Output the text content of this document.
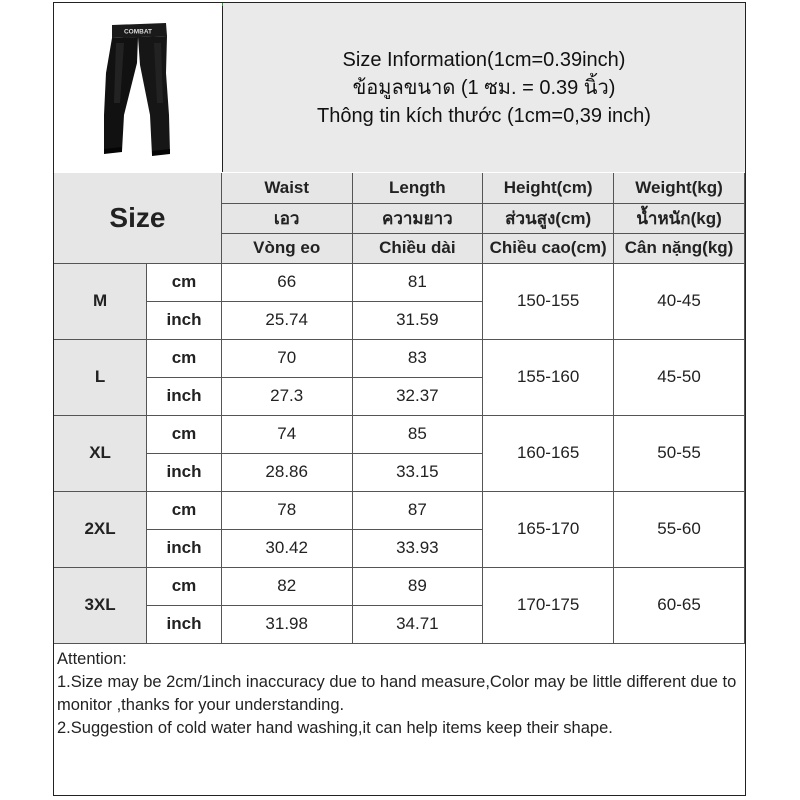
COMBAT
Size Information(1cm=0.39inch)
ข้อมูลขนาด (1 ซม. = 0.39 นิ้ว)
Thông tin kích thước (1cm=0,39 inch)
Size		Waist	Length	Height(cm)	Weight(kg)
		เอว	ความยาว	ส่วนสูง(cm)	น้ำหนัก(kg)
		Vòng eo	Chiều dài	Chiều cao(cm)	Cân nặng(kg)
M	cm	66	81	150-155	40-45
	inch	25.74	31.59		
L	cm	70	83	155-160	45-50
	inch	27.3	32.37		
XL	cm	74	85	160-165	50-55
	inch	28.86	33.15		
2XL	cm	78	87	165-170	55-60
	inch	30.42	33.93		
3XL	cm	82	89	170-175	60-65
	inch	31.98	34.71		

Attention:

1.Size may be 2cm/1inch inaccuracy due to hand measure,Color may be little different due to monitor ,thanks for your understanding.

2.Suggestion of cold water hand washing,it can help items keep their shape.
